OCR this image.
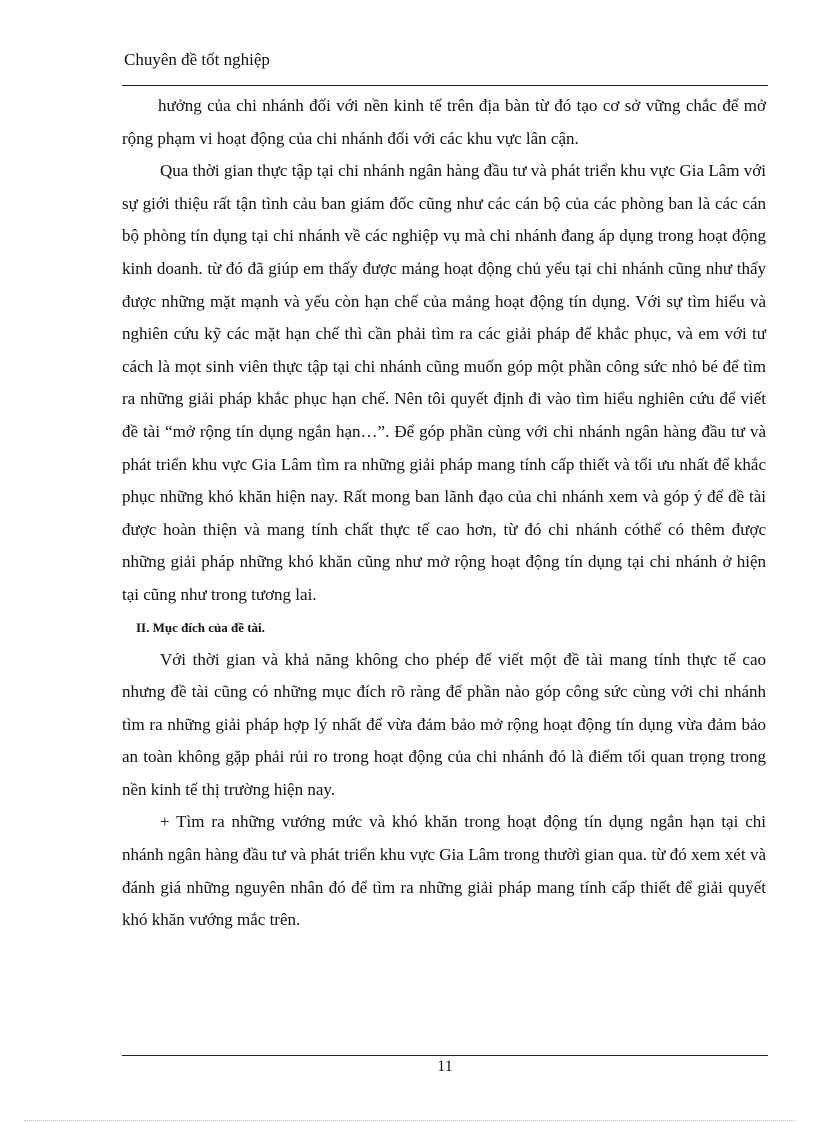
Chuyên đề tốt nghiệp

hưởng của chi nhánh đối với nền kinh tế trên địa bàn từ đó tạo cơ sở vững chắc để mở rộng phạm vi hoạt động của chi nhánh đối với các khu vực lân cận.

Qua thời gian thực tập tại chi nhánh ngân hàng đầu tư và phát triển khu vực Gia Lâm với sự giới thiệu rất tận tình cảu ban giám đốc cũng như các cán bộ của các phòng ban là các cán bộ phòng tín dụng tại chi nhánh về các nghiệp vụ mà chi nhánh đang áp dụng trong hoạt động kinh doanh. từ đó đã giúp em thấy được mảng hoạt động chủ yếu tại chi nhánh cũng như thấy được những mặt mạnh và yếu còn hạn chế của mảng hoạt động tín dụng. Với sự tìm hiểu và nghiên cứu kỹ các mặt hạn chế thì cần phải tìm ra các giải pháp để khắc phục, và em với tư cách là mọt sinh viên thực tập tại chi nhánh cũng muốn góp một phần công sức nhỏ bé để tìm ra những giải pháp khắc phục hạn chế. Nên tôi quyết định đi vào tìm hiểu nghiên cứu để viết đề tài “mở rộng tín dụng ngắn hạn…”. Để góp phần cùng với chi nhánh ngân hàng đầu tư và phát triển khu vực Gia Lâm tìm ra những giải pháp mang tính cấp thiết và tối ưu nhất để khắc phục những khó khăn hiện nay. Rất mong ban lãnh đạo của chi nhánh xem và góp ý để đề tài được hoàn thiện và mang tính chất thực tế cao hơn, từ đó chi nhánh cóthể có thêm được những giải pháp những khó khăn cũng như mở rộng hoạt động tín dụng tại chi nhánh ở hiện tại cũng như trong tương lai.

II. Mục đích của đề tài.

Với thời gian và khả năng không cho phép để viết một đề tài mang tính thực tế cao nhưng đề tài cũng có những mục đích rõ ràng để phần nào góp công sức cùng với chi nhánh tìm ra những giải pháp hợp lý nhất để vừa đảm bảo mở rộng hoạt động tín dụng vừa đảm bảo an toàn không gặp phải rủi ro trong hoạt động của chi nhánh đó là điểm tối quan trọng trong nền kinh tế thị trường hiện nay.

+ Tìm ra những vướng mức và khó khăn trong hoạt động tín dụng ngắn hạn tại chi nhánh ngân hàng đầu tư và phát triển khu vực Gia Lâm trong thườì gian qua. từ đó xem xét và đánh giá những nguyên nhân đó để tìm ra những giải pháp mang tính cấp thiết để giải quyết khó khăn vướng mắc trên.

11
